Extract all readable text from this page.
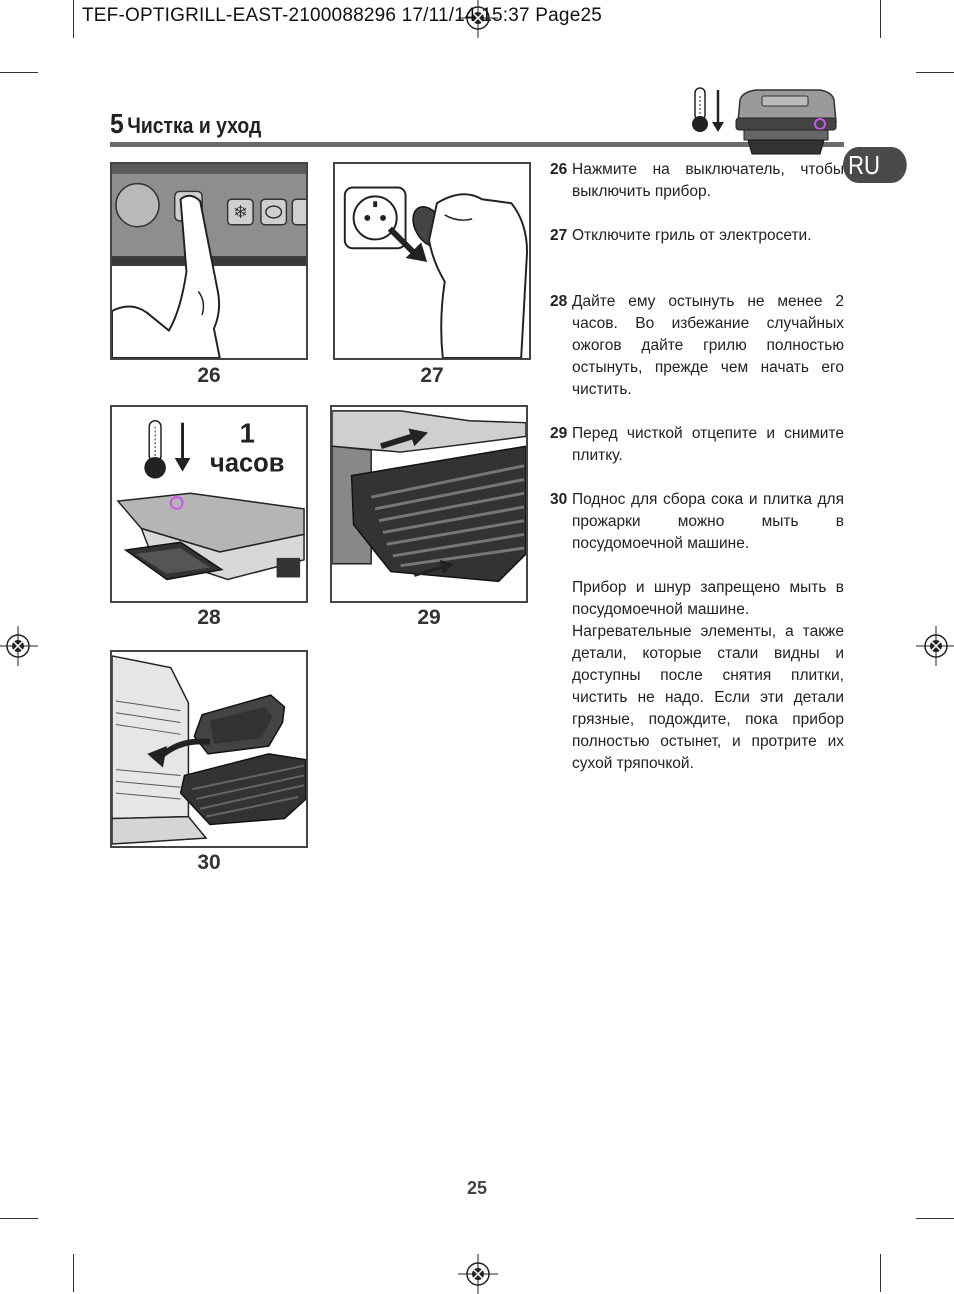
TEF-OPTIGRILL-EAST-2100088296 17/11/14 15:37 Page25
5 Чистка и уход
RU
❄
26	27
1
часов
28	29
30
26 Нажмите на выключатель, чтобы выключить прибор.

27 Отключите гриль от электросети.

28 Дайте ему остынуть не менее 2 часов. Во избежание случайных ожогов дайте грилю полностью остынуть, прежде чем начать его чистить.

29 Перед чисткой отцепите и снимите плитку.

30 Поднос для сбора сока и плитка для прожарки можно мыть в посудомоечной машине.

Прибор и шнур запрещено мыть в посудомоечной машине.

Нагревательные элементы, а также детали, которые стали видны и доступны после снятия плитки, чистить не надо. Если эти детали грязные, подождите, пока прибор полностью остынет, и протрите их сухой тряпочкой.

25
